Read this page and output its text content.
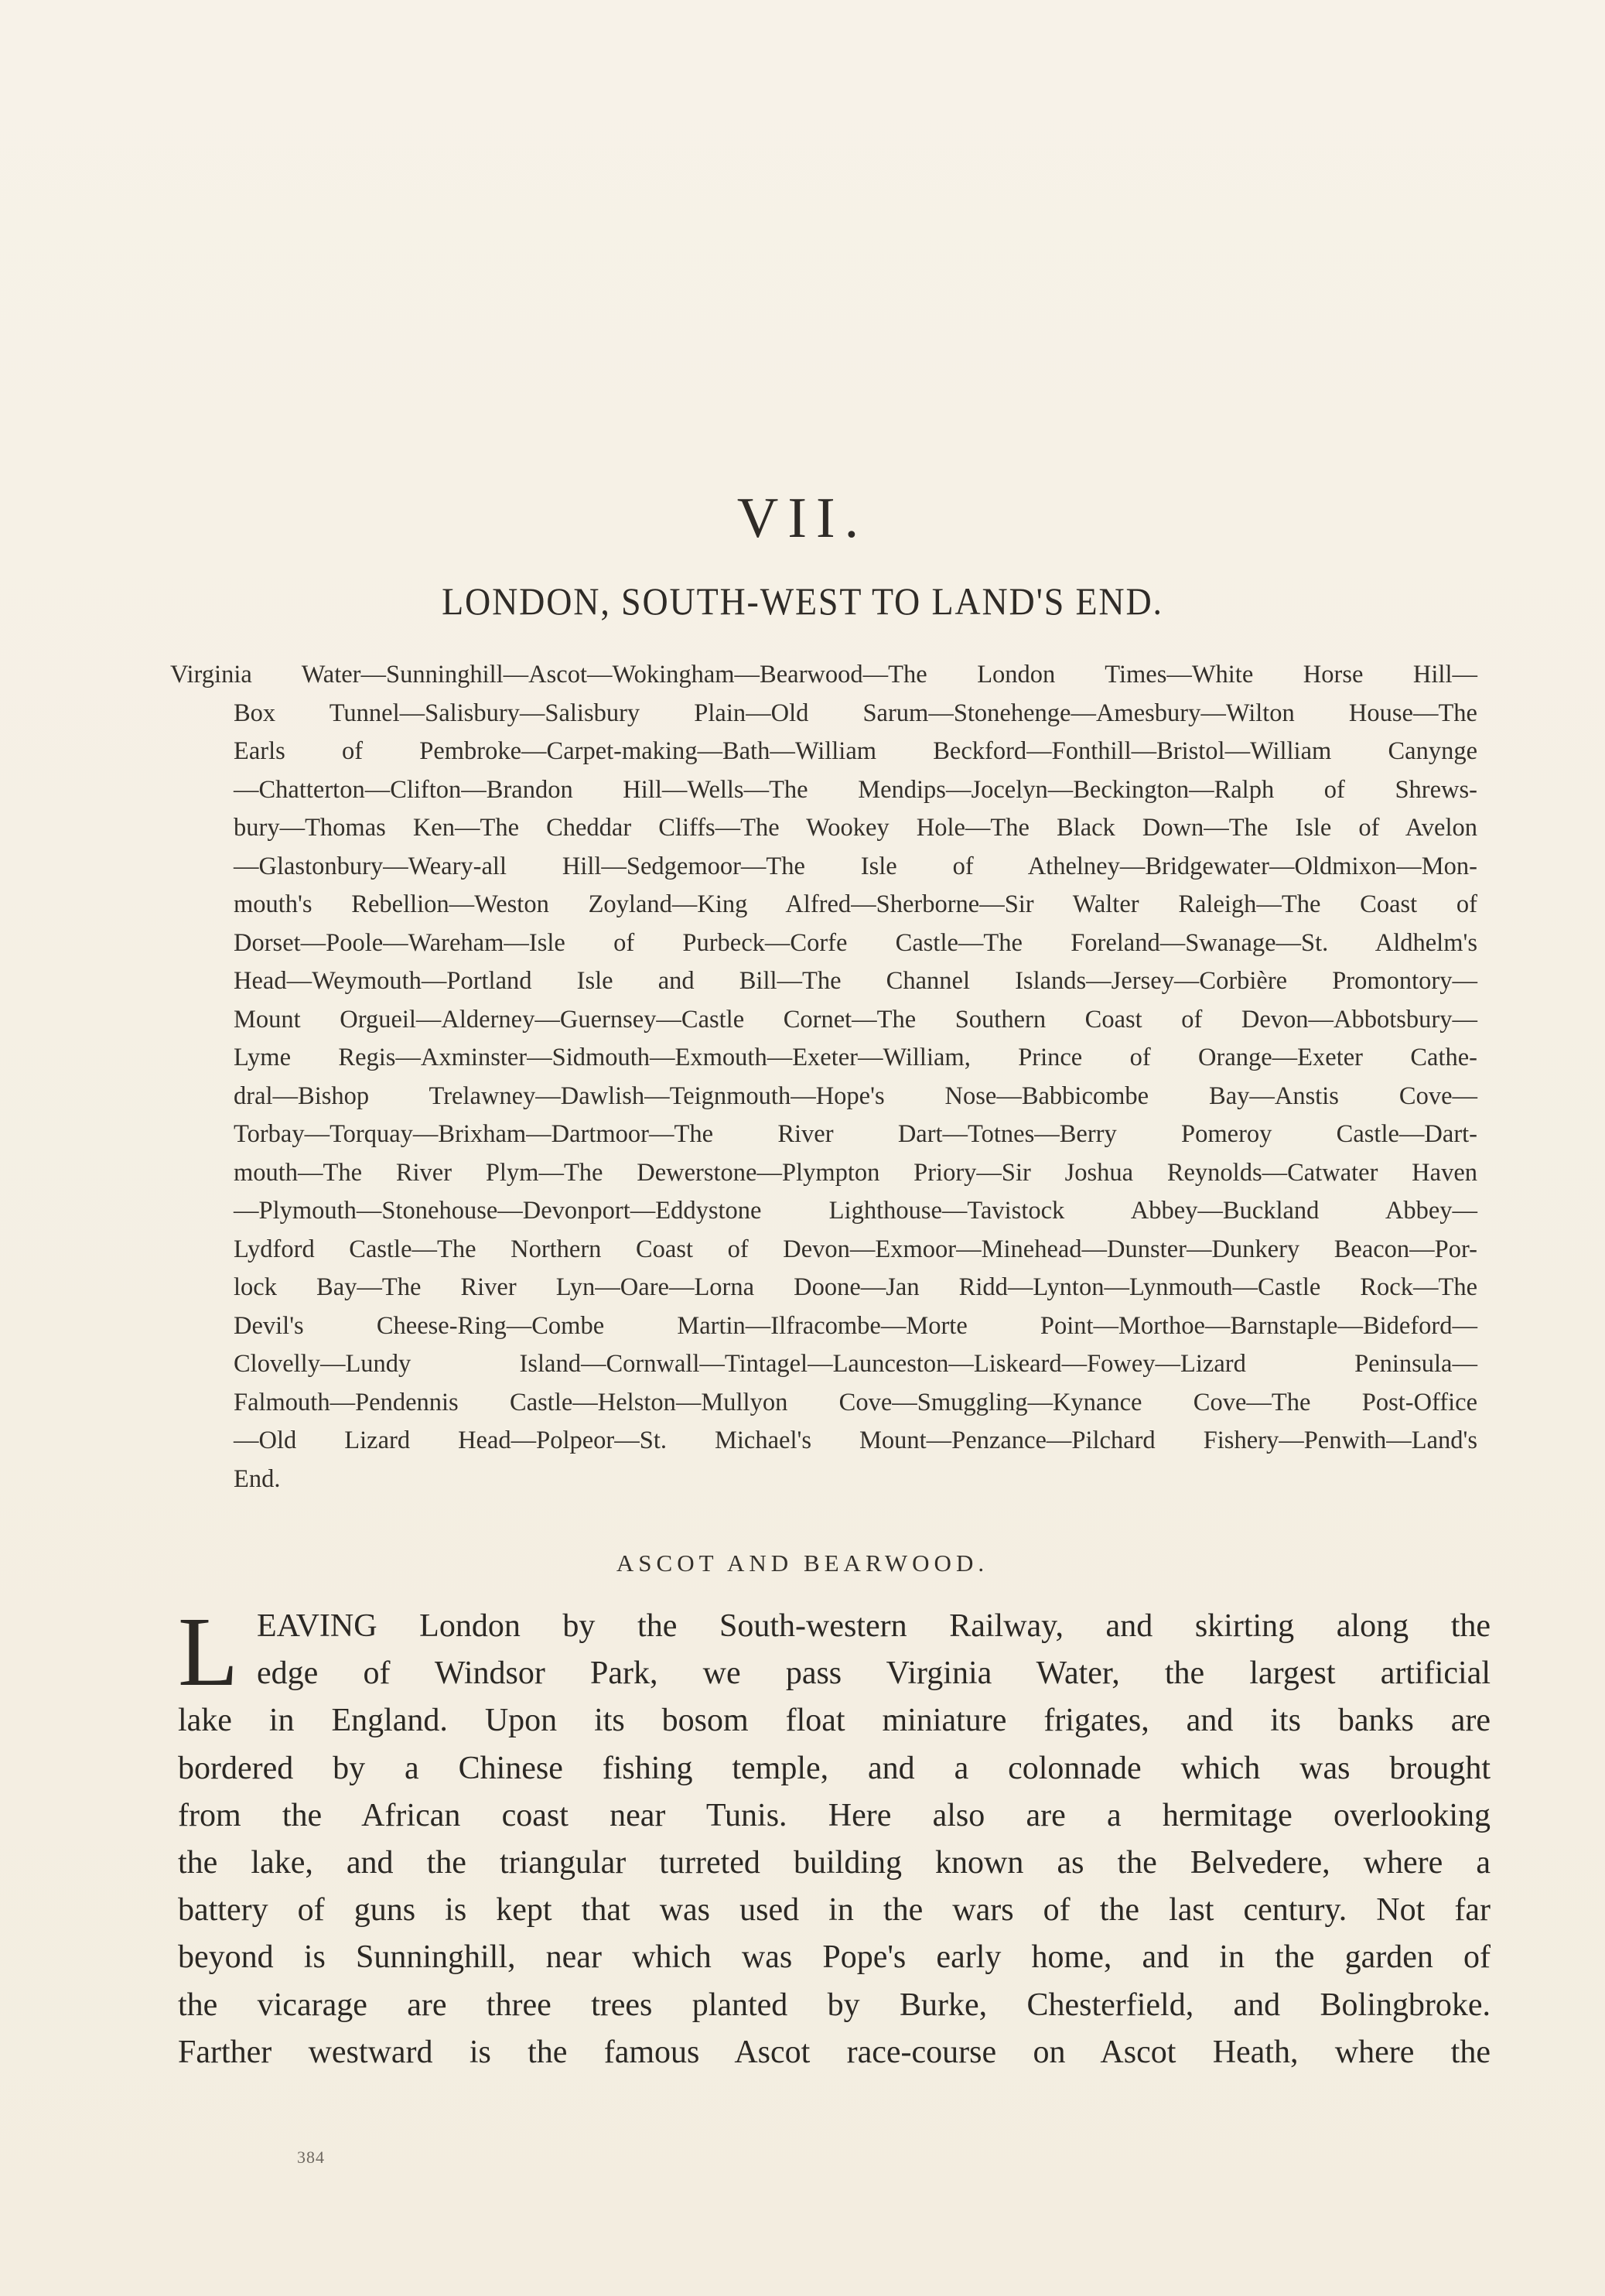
VII.
LONDON, SOUTH-WEST TO LAND'S END.
Virginia Water—Sunninghill—Ascot—Wokingham—Bearwood—The London Times—White Horse Hill—
Box Tunnel—Salisbury—Salisbury Plain—Old Sarum—Stonehenge—Amesbury—Wilton House—The
Earls of Pembroke—Carpet-making—Bath—William Beckford—Fonthill—Bristol—William Canynge
—Chatterton—Clifton—Brandon Hill—Wells—The Mendips—Jocelyn—Beckington—Ralph of Shrews-
bury—Thomas Ken—The Cheddar Cliffs—The Wookey Hole—The Black Down—The Isle of Avelon
—Glastonbury—Weary-all Hill—Sedgemoor—The Isle of Athelney—Bridgewater—Oldmixon—Mon-
mouth's Rebellion—Weston Zoyland—King Alfred—Sherborne—Sir Walter Raleigh—The Coast of
Dorset—Poole—Wareham—Isle of Purbeck—Corfe Castle—The Foreland—Swanage—St. Aldhelm's
Head—Weymouth—Portland Isle and Bill—The Channel Islands—Jersey—Corbière Promontory—
Mount Orgueil—Alderney—Guernsey—Castle Cornet—The Southern Coast of Devon—Abbotsbury—
Lyme Regis—Axminster—Sidmouth—Exmouth—Exeter—William, Prince of Orange—Exeter Cathe-
dral—Bishop Trelawney—Dawlish—Teignmouth—Hope's Nose—Babbicombe Bay—Anstis Cove—
Torbay—Torquay—Brixham—Dartmoor—The River Dart—Totnes—Berry Pomeroy Castle—Dart-
mouth—The River Plym—The Dewerstone—Plympton Priory—Sir Joshua Reynolds—Catwater Haven
—Plymouth—Stonehouse—Devonport—Eddystone Lighthouse—Tavistock Abbey—Buckland Abbey—
Lydford Castle—The Northern Coast of Devon—Exmoor—Minehead—Dunster—Dunkery Beacon—Por-
lock Bay—The River Lyn—Oare—Lorna Doone—Jan Ridd—Lynton—Lynmouth—Castle Rock—The
Devil's Cheese-Ring—Combe Martin—Ilfracombe—Morte Point—Morthoe—Barnstaple—Bideford—
Clovelly—Lundy Island—Cornwall—Tintagel—Launceston—Liskeard—Fowey—Lizard Peninsula—
Falmouth—Pendennis Castle—Helston—Mullyon Cove—Smuggling—Kynance Cove—The Post-Office
—Old Lizard Head—Polpeor—St. Michael's Mount—Penzance—Pilchard Fishery—Penwith—Land's
End.
ASCOT AND BEARWOOD.
L EAVING London by the South-western Railway, and skirting along the
edge of Windsor Park, we pass Virginia Water, the largest artificial
lake in England. Upon its bosom float miniature frigates, and its banks are
bordered by a Chinese fishing temple, and a colonnade which was brought
from the African coast near Tunis. Here also are a hermitage overlooking
the lake, and the triangular turreted building known as the Belvedere, where a
battery of guns is kept that was used in the wars of the last century. Not far
beyond is Sunninghill, near which was Pope's early home, and in the garden of
the vicarage are three trees planted by Burke, Chesterfield, and Bolingbroke.
Farther westward is the famous Ascot race-course on Ascot Heath, where the
384
